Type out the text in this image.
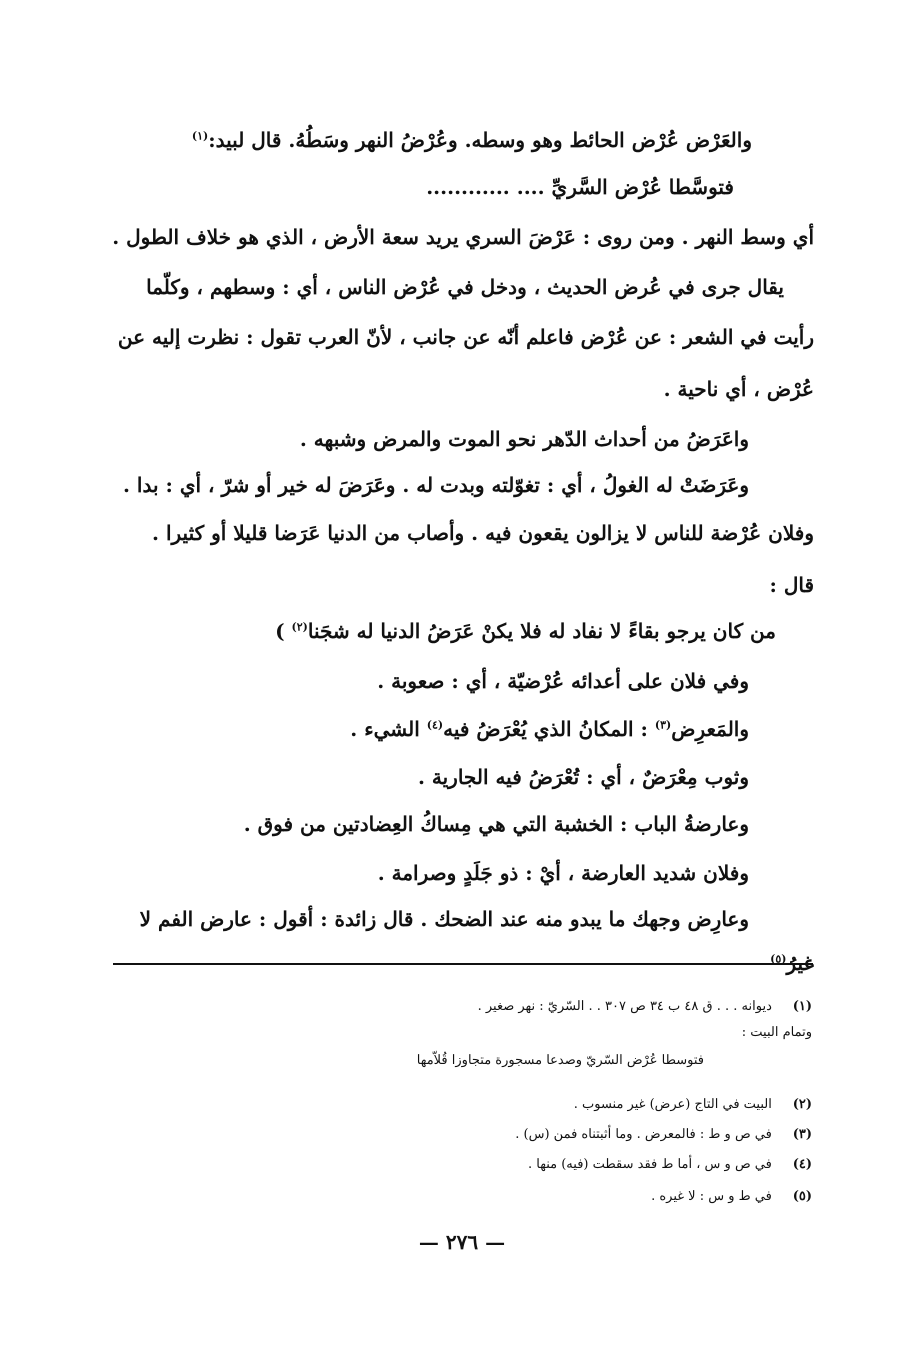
والعَرْض عُرْض الحائط وهو وسطه. وعُرْضُ النهر وسَطُهُ. قال لبيد:$^{(١)}$
فتوسَّطا عُرْض السَّريِّ .... ............
أي وسط النهر . ومن روى : عَرْضَ السري يريد سعة الأرض ، الذي هو خلاف الطول .
يقال جرى في عُرض الحديث ، ودخل في عُرْض الناس ، أي : وسطهم ، وكلّما
رأيت في الشعر : عن عُرْض فاعلم أنّه عن جانب ، لأنّ العرب تقول : نظرت إليه عن
عُرْض ، أي ناحية .
واعَرَضُ من أحداث الدّهر نحو الموت والمرض وشبهه .
وعَرَضَتْ له الغولُ ، أي : تغوّلته وبدت له . وعَرَضَ له خير أو شرّ ، أي : بدا .
وفلان عُرْضة للناس لا يزالون يقعون فيه . وأصاب من الدنيا عَرَضا قليلا أو كثيرا .
قال :
من كان يرجو بقاءً لا نفاد له فلا يكنْ عَرَضُ الدنيا له شجَنا$^{(٢)}$ )
وفي فلان على أعدائه عُرْضيّة ، أي : صعوبة .
والمَعرِض$^{(٣)}$ : المكانُ الذي يُعْرَضُ فيه$^{(٤)}$ الشيء .
وثوب مِعْرَضٌ ، أي : تُعْرَضُ فيه الجارية .
وعارضةُ الباب : الخشبة التي هي مِساكُ العِضادتين من فوق .
وفلان شديد العارضة ، أيْ : ذو جَلَدٍ وصرامة .
وعارِض وجهك ما يبدو منه عند الضحك . قال زائدة : أقول : عارض الفم لا
غيرُ$^{(٥)}$
(١) ديوانه . . . ق ٤٨ ب ٣٤ ص ٣٠٧ . . السّريّ : نهر صغير .
وتمام البيت :
فتوسطا عُرْض السّريّ وصدعا مسجورة متجاوزا قُلاّمها
(٢) البيت في التاج (عرض) غير منسوب .
(٣) في ص و ط : فالمعرض . وما أثبتناه فمن (س) .
(٤) في ص و س ، أما ط فقد سقطت (فيه) منها .
(٥) في ط و س : لا غيره .
— ٢٧٦ —
